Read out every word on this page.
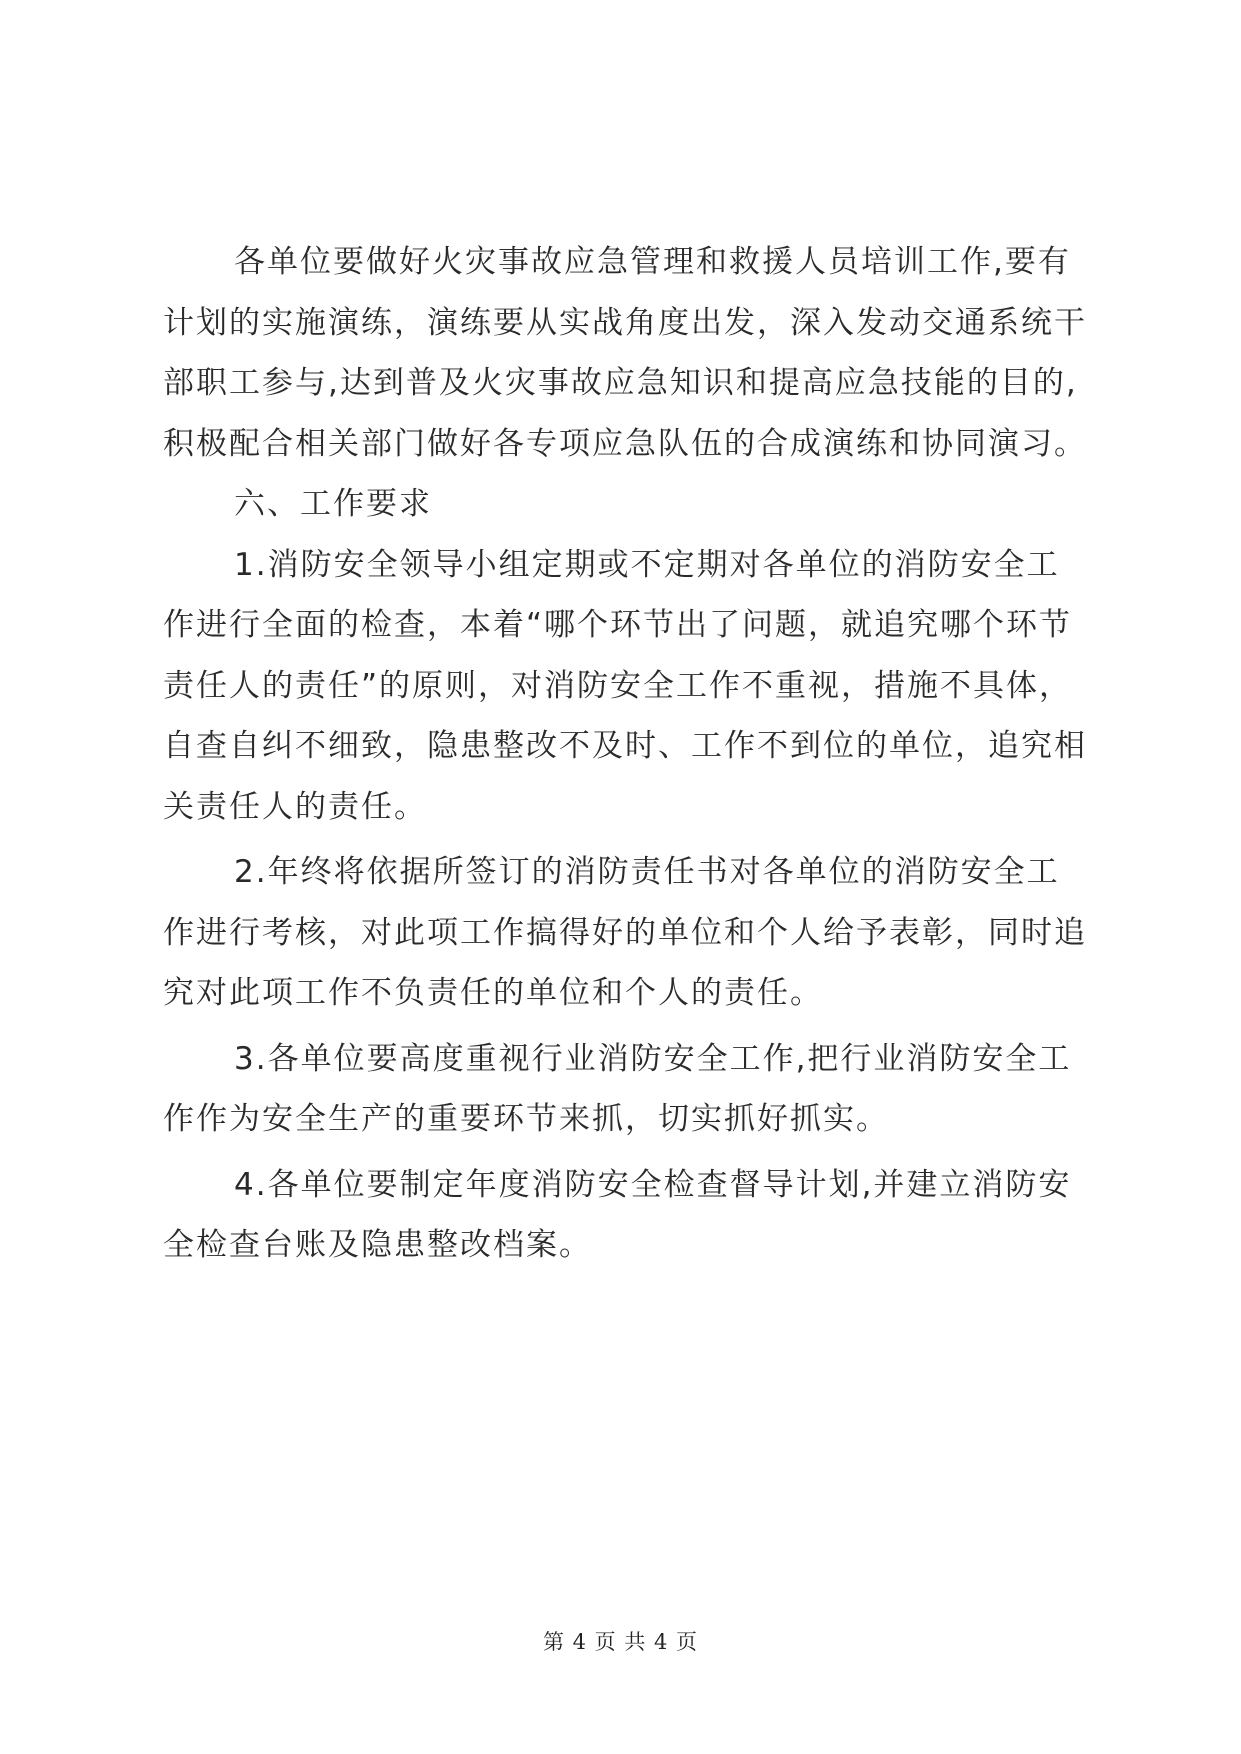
各单位要做好火灾事故应急管理和救援人员培训工作,要有
计划的实施演练，演练要从实战角度出发，深入发动交通系统干
部职工参与,达到普及火灾事故应急知识和提高应急技能的目的,
积极配合相关部门做好各专项应急队伍的合成演练和协同演习。

六、工作要求

1.消防安全领导小组定期或不定期对各单位的消防安全工
作进行全面的检查，本着“哪个环节出了问题，就追究哪个环节
责任人的责任”的原则，对消防安全工作不重视，措施不具体，
自查自纠不细致，隐患整改不及时、工作不到位的单位，追究相
关责任人的责任。

2.年终将依据所签订的消防责任书对各单位的消防安全工
作进行考核，对此项工作搞得好的单位和个人给予表彰，同时追
究对此项工作不负责任的单位和个人的责任。

3.各单位要高度重视行业消防安全工作,把行业消防安全工
作作为安全生产的重要环节来抓，切实抓好抓实。

4.各单位要制定年度消防安全检查督导计划,并建立消防安
全检查台账及隐患整改档案。

第 4 页 共 4 页
